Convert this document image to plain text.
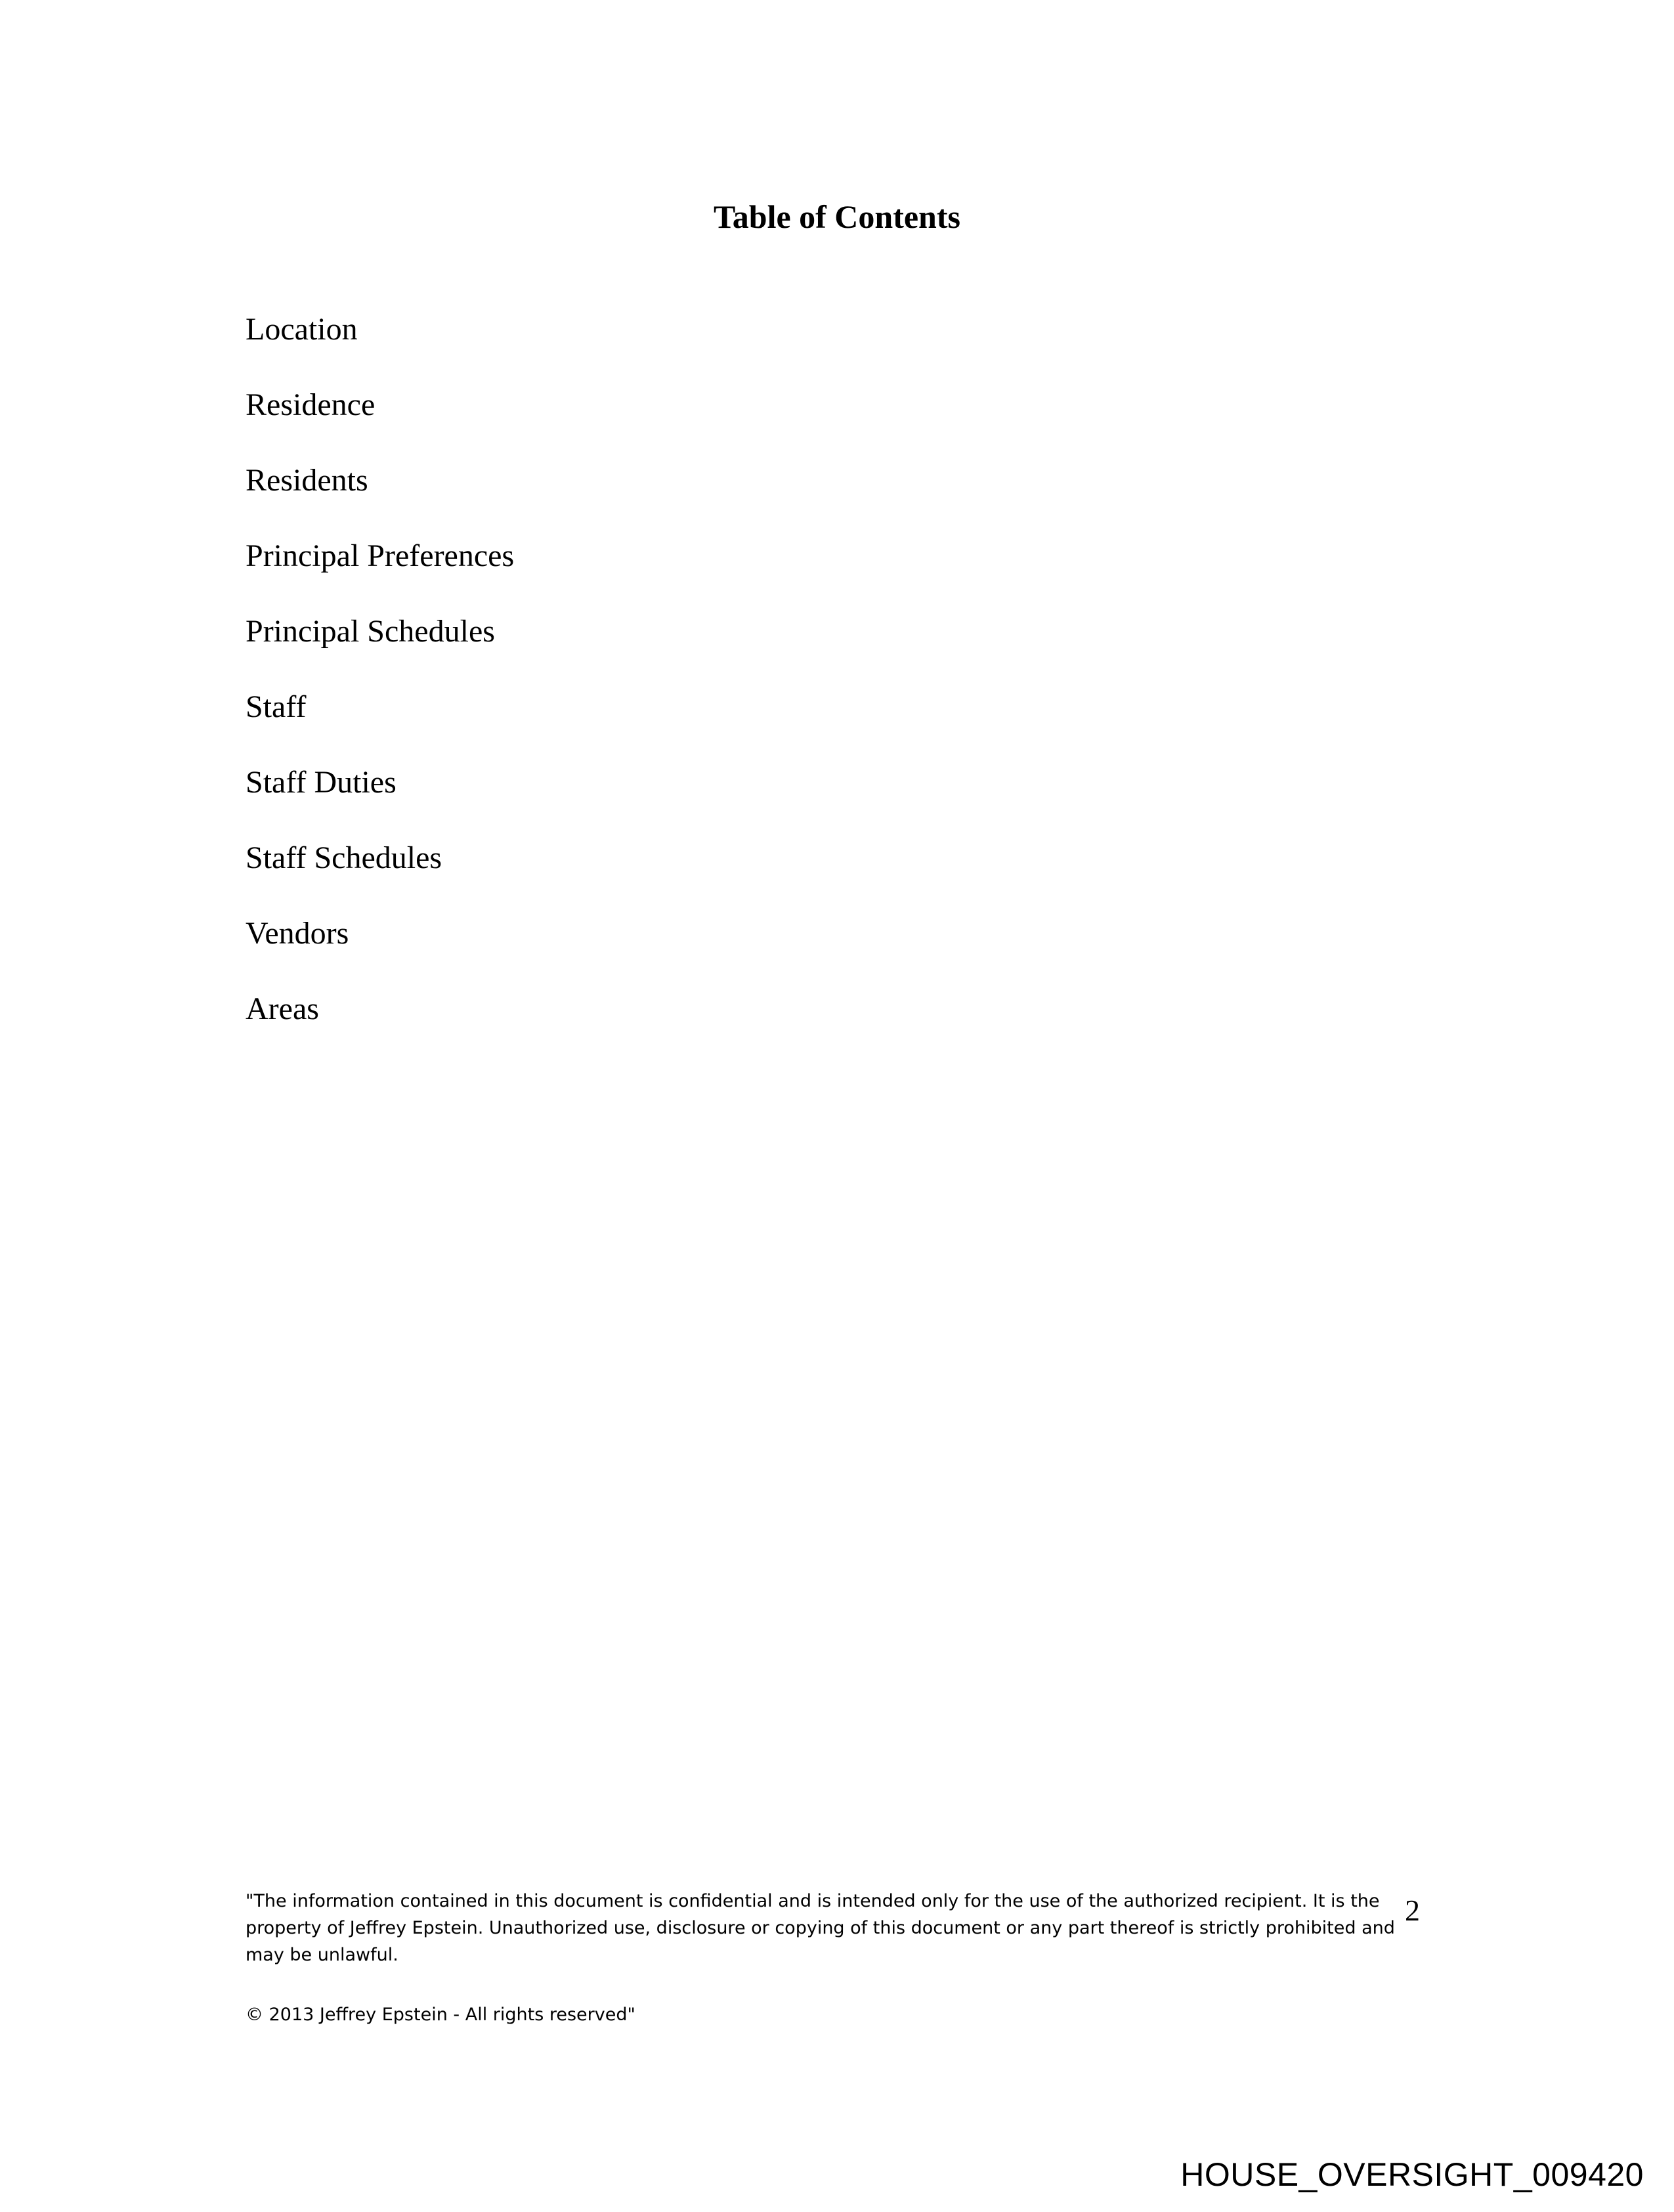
Table of Contents
Location
Residence
Residents
Principal Preferences
Principal Schedules
Staff
Staff Duties
Staff Schedules
Vendors
Areas

"The information contained in this document is confidential and is intended only for the use of the authorized recipient. It is the property of Jeffrey Epstein. Unauthorized use, disclosure or copying of this document or any part thereof is strictly prohibited and may be unlawful.

© 2013 Jeffrey Epstein - All rights reserved"

2
HOUSE_OVERSIGHT_009420
